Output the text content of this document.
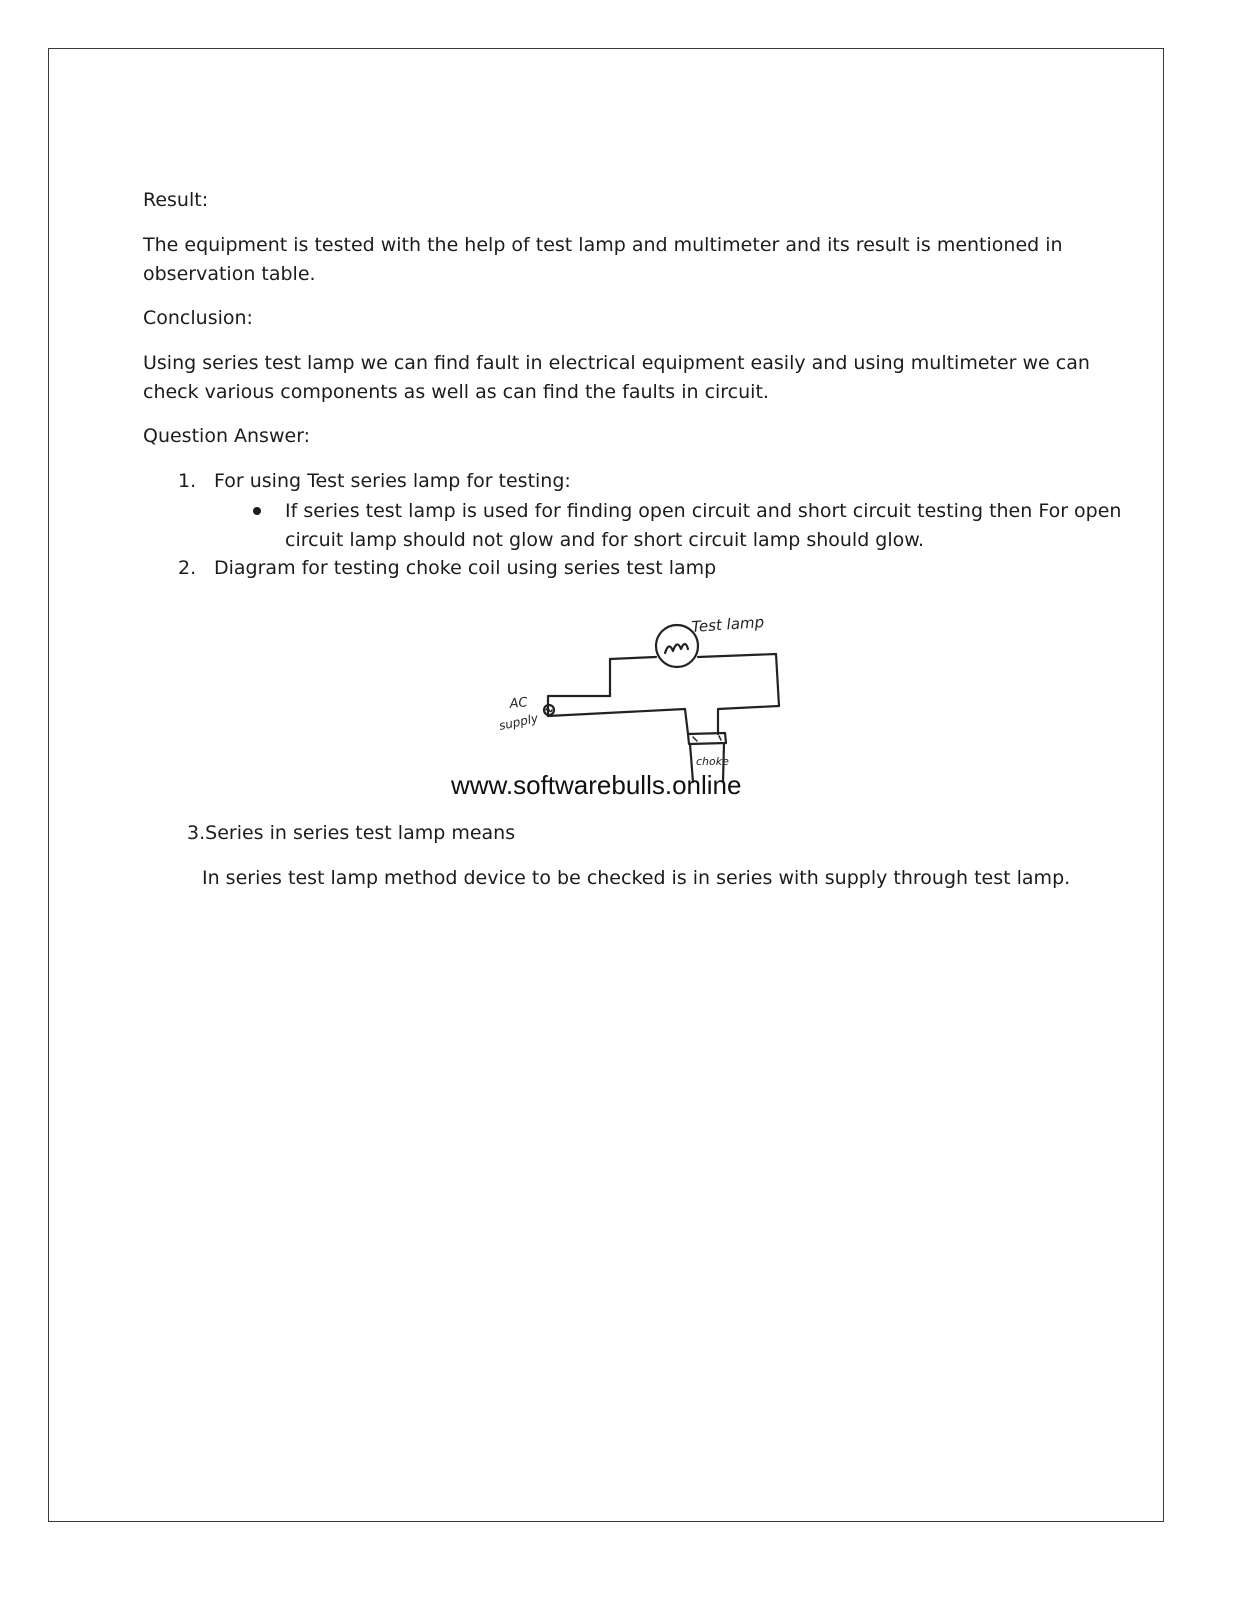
Result:
The equipment is tested with the help of test lamp and multimeter and its result is mentioned in
observation table.
Conclusion:
Using series test lamp we can find fault in electrical equipment easily and using multimeter we can
check various components as well as can find the faults in circuit.
Question Answer:
1. For using Test series lamp for testing:
If series test lamp is used for finding open circuit and short circuit testing then For open
circuit lamp should not glow and for short circuit lamp should glow.
2. Diagram for testing choke coil using series test lamp
Test lamp
AC
supply
choke
www.softwarebulls.online
3.Series in series test lamp means
In series test lamp method device to be checked is in series with supply through test lamp.
